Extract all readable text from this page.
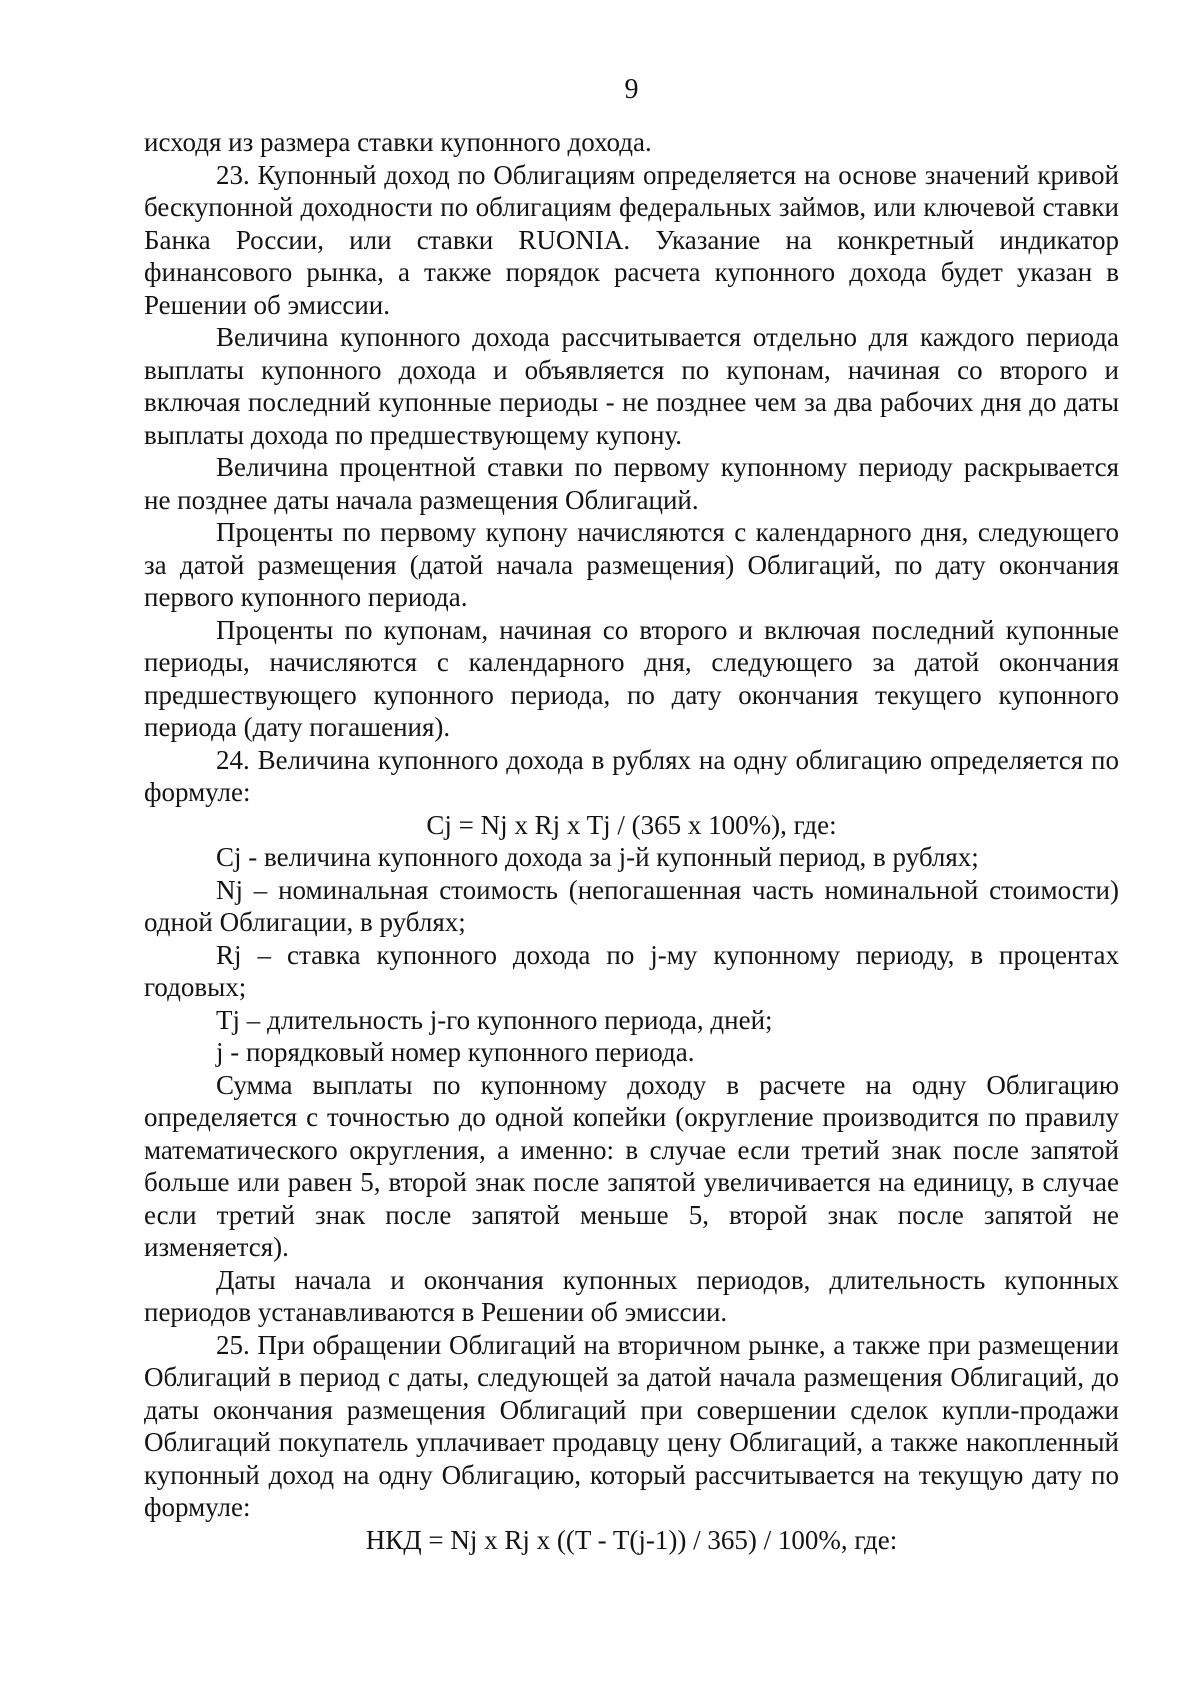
9

исходя из размера ставки купонного дохода.

23. Купонный доход по Облигациям определяется на основе значений кривой бескупонной доходности по облигациям федеральных займов, или ключевой ставки Банка России, или ставки RUONIA. Указание на конкретный индикатор финансового рынка, а также порядок расчета купонного дохода будет указан в Решении об эмиссии.

Величина купонного дохода рассчитывается отдельно для каждого периода выплаты купонного дохода и объявляется по купонам, начиная со второго и включая последний купонные периоды - не позднее чем за два рабочих дня до даты выплаты дохода по предшествующему купону.

Величина процентной ставки по первому купонному периоду раскрывается не позднее даты начала размещения Облигаций.

Проценты по первому купону начисляются с календарного дня, следующего за датой размещения (датой начала размещения) Облигаций, по дату окончания первого купонного периода.

Проценты по купонам, начиная со второго и включая последний купонные периоды, начисляются с календарного дня, следующего за датой окончания предшествующего купонного периода, по дату окончания текущего купонного периода (дату погашения).

24. Величина купонного дохода в рублях на одну облигацию определяется по формуле:

Cj = Nj x Rj x Tj / (365 x 100%), где:

Cj - величина купонного дохода за j-й купонный период, в рублях;

Nj – номинальная стоимость (непогашенная часть номинальной стоимости) одной Облигации, в рублях;

Rj – ставка купонного дохода по j-му купонному периоду, в процентах годовых;

Tj – длительность j-го купонного периода, дней;

j - порядковый номер купонного периода.

Сумма выплаты по купонному доходу в расчете на одну Облигацию определяется с точностью до одной копейки (округление производится по правилу математического округления, а именно: в случае если третий знак после запятой больше или равен 5, второй знак после запятой увеличивается на единицу, в случае если третий знак после запятой меньше 5, второй знак после запятой не изменяется).

Даты начала и окончания купонных периодов, длительность купонных периодов устанавливаются в Решении об эмиссии.

25. При обращении Облигаций на вторичном рынке, а также при размещении Облигаций в период с даты, следующей за датой начала размещения Облигаций, до даты окончания размещения Облигаций при совершении сделок купли-продажи Облигаций покупатель уплачивает продавцу цену Облигаций, а также накопленный купонный доход на одну Облигацию, который рассчитывается на текущую дату по формуле:

НКД = Nj x Rj x ((T - T(j-1)) / 365) / 100%, где:
